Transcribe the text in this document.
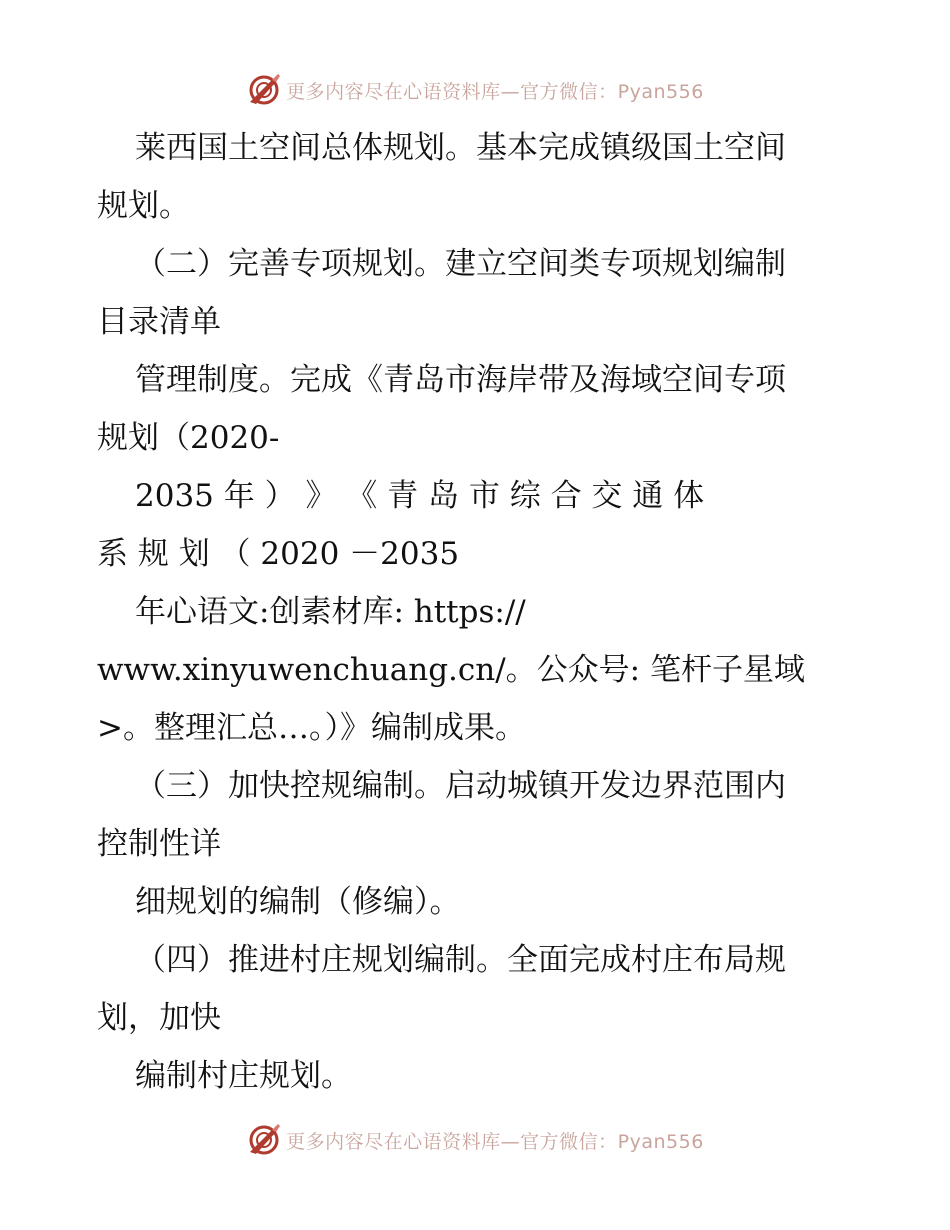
更多内容尽在心语资料库—官方微信：Pyan556

莱西国土空间总体规划。基本完成镇级国土空间

规划。

（二）完善专项规划。建立空间类专项规划编制

目录清单

管理制度。完成《青岛市海岸带及海域空间专项

规划（2020-

2035 年 ） 》 《 青 岛 市 综 合 交 通 体

系 规 划 （ 2020 －2035

年心语文:创素材库: https://

www.xinyuwenchuang.cn/。公众号: 笔杆子星域

>。整理汇总…。）》编制成果。

（三）加快控规编制。启动城镇开发边界范围内

控制性详

细规划的编制（修编）。

（四）推进村庄规划编制。全面完成村庄布局规

划，加快

编制村庄规划。

更多内容尽在心语资料库—官方微信：Pyan556
